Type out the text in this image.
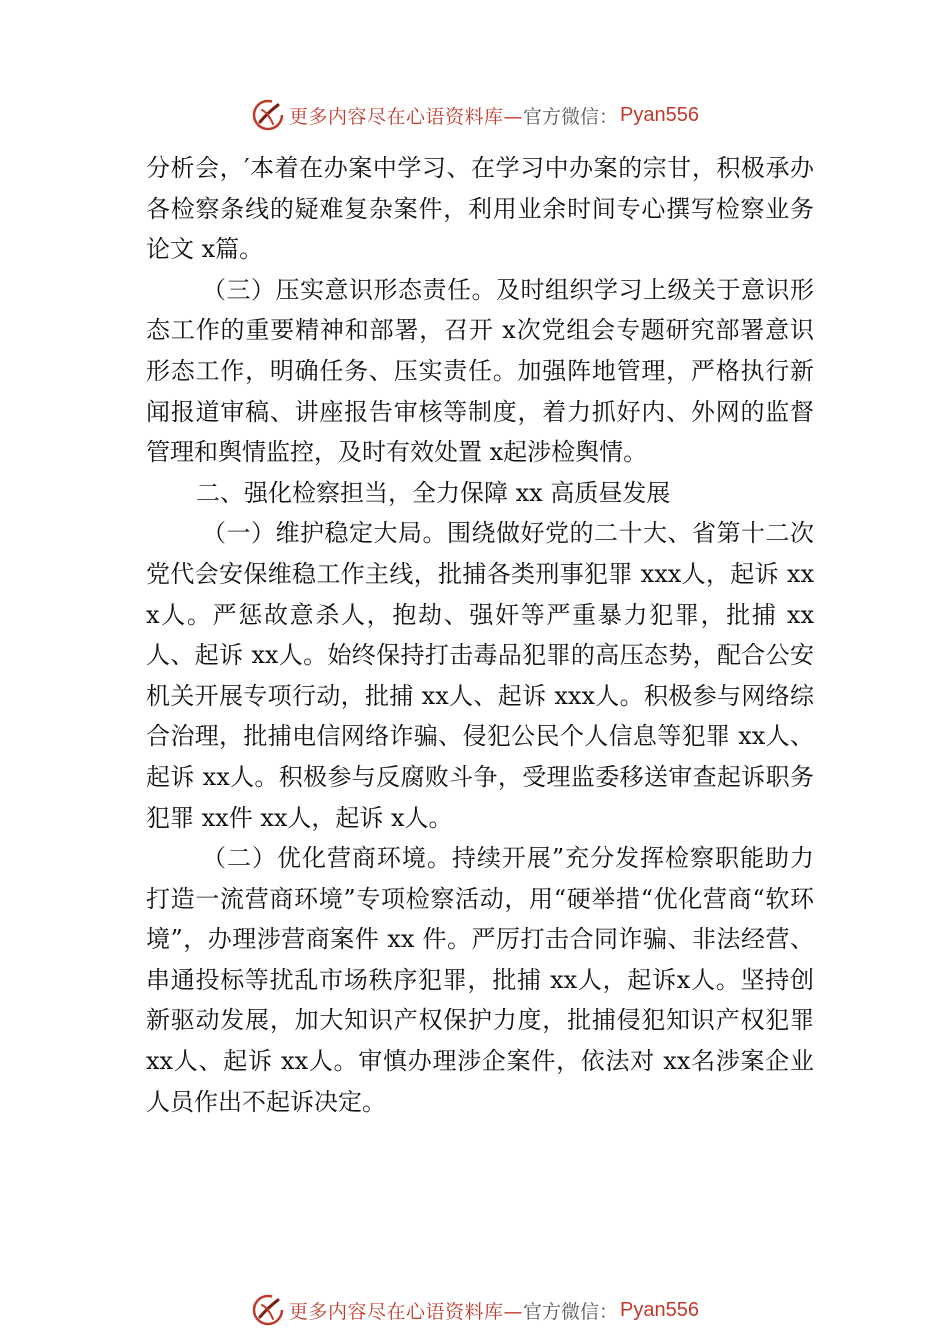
更多内容尽在心语资料库— 官方微信： Pyan556

分析会，′本着在办案中学习、在学习中办案的宗甘，积极承办各检察条线的疑难复杂案件，利用业余时间专心撰写检察业务论文 x篇。

（三）压实意识形态责任。及时组织学习上级关于意识形态工作的重要精神和部署，召开 x次党组会专题研究部署意识形态工作，明确任务、压实责任。加强阵地管理，严格执行新闻报道审稿、讲座报告审核等制度，着力抓好内、外网的监督管理和舆情监控，及时有效处置 x起涉检舆情。

二、强化检察担当，全力保障 xx 高质昼发展

（一）维护稳定大局。围绕做好党的二十大、省第十二次党代会安保维稳工作主线，批捕各类刑事犯罪 xxx人，起诉 xxx人。严惩故意杀人，抱劫、强奸等严重暴力犯罪，批捕 xx人、起诉 xx人。始终保持打击毒品犯罪的高压态势，配合公安机关开展专项行动，批捕 xx人、起诉 xxx人。积极参与网络综合治理，批捕电信网络诈骗、侵犯公民个人信息等犯罪 xx人、起诉 xx人。积极参与反腐败斗争，受理监委移送审查起诉职务犯罪 xx件 xx人，起诉 x人。

（二）优化营商环境。持续开展”充分发挥检察职能助力打造一流营商环境”专项检察活动，用“硬举措“优化营商“软环境”，办理涉营商案件 xx 件。严厉打击合同诈骗、非法经营、串通投标等扰乱市场秩序犯罪，批捕 xx人，起诉x人。坚持创新驱动发展，加大知识产权保护力度，批捕侵犯知识产权犯罪 xx人、起诉 xx人。审慎办理涉企案件，依法对 xx名涉案企业人员作出不起诉决定。

更多内容尽在心语资料库— 官方微信： Pyan556
